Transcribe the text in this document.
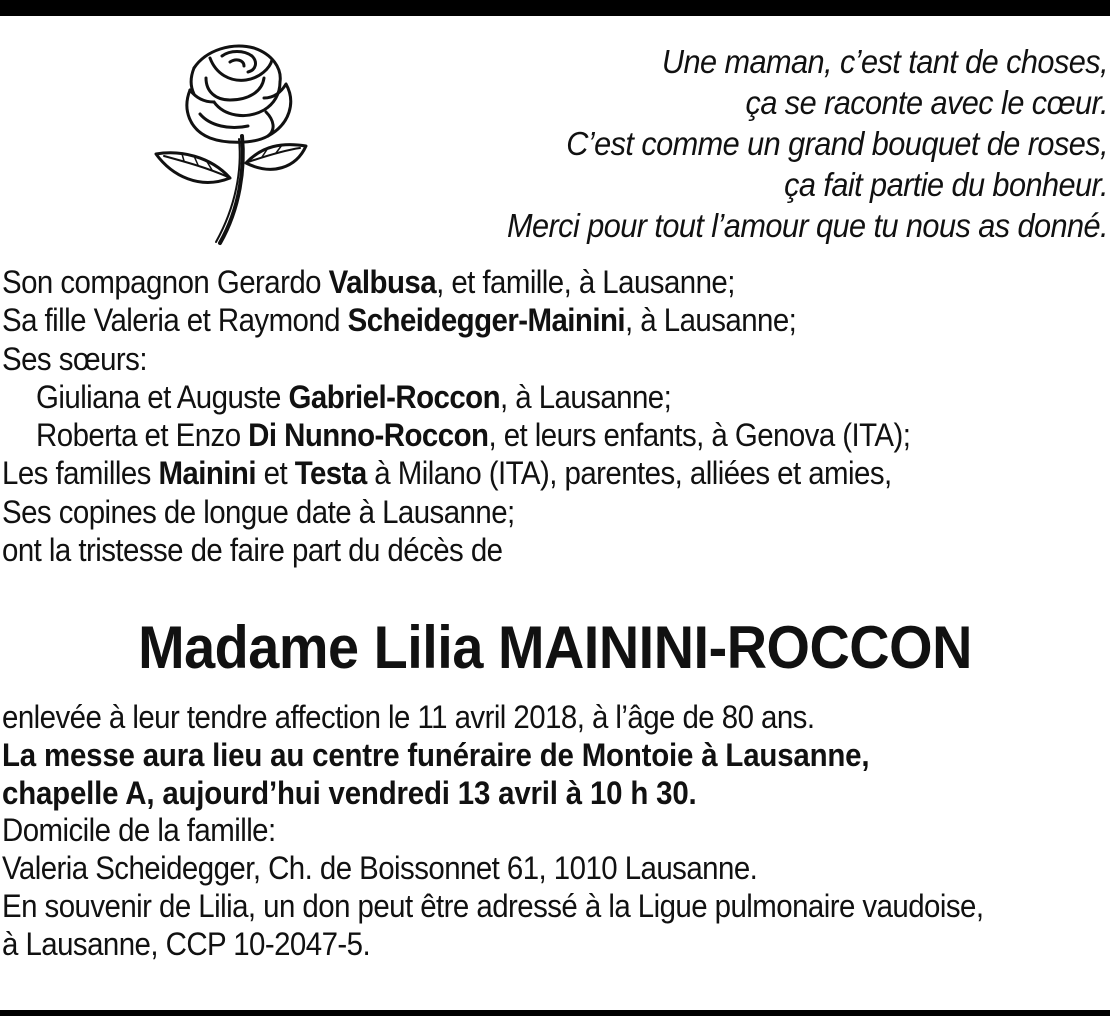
Une maman, c’est tant de choses,
ça se raconte avec le cœur.
C’est comme un grand bouquet de roses,
ça fait partie du bonheur.
Merci pour tout l’amour que tu nous as donné.
Son compagnon Gerardo Valbusa, et famille, à Lausanne;
Sa fille Valeria et Raymond Scheidegger-Mainini, à Lausanne;
Ses sœurs:
Giuliana et Auguste Gabriel-Roccon, à Lausanne;
Roberta et Enzo Di Nunno-Roccon, et leurs enfants, à Genova (ITA);
Les familles Mainini et Testa à Milano (ITA), parentes, alliées et amies,
Ses copines de longue date à Lausanne;
ont la tristesse de faire part du décès de
Madame Lilia MAININI-ROCCON
enlevée à leur tendre affection le 11 avril 2018, à l’âge de 80 ans.
La messe aura lieu au centre funéraire de Montoie à Lausanne,
chapelle A, aujourd’hui vendredi 13 avril à 10 h 30.
Domicile de la famille:
Valeria Scheidegger, Ch. de Boissonnet 61, 1010 Lausanne.
En souvenir de Lilia, un don peut être adressé à la Ligue pulmonaire vaudoise,
à Lausanne, CCP 10-2047-5.
